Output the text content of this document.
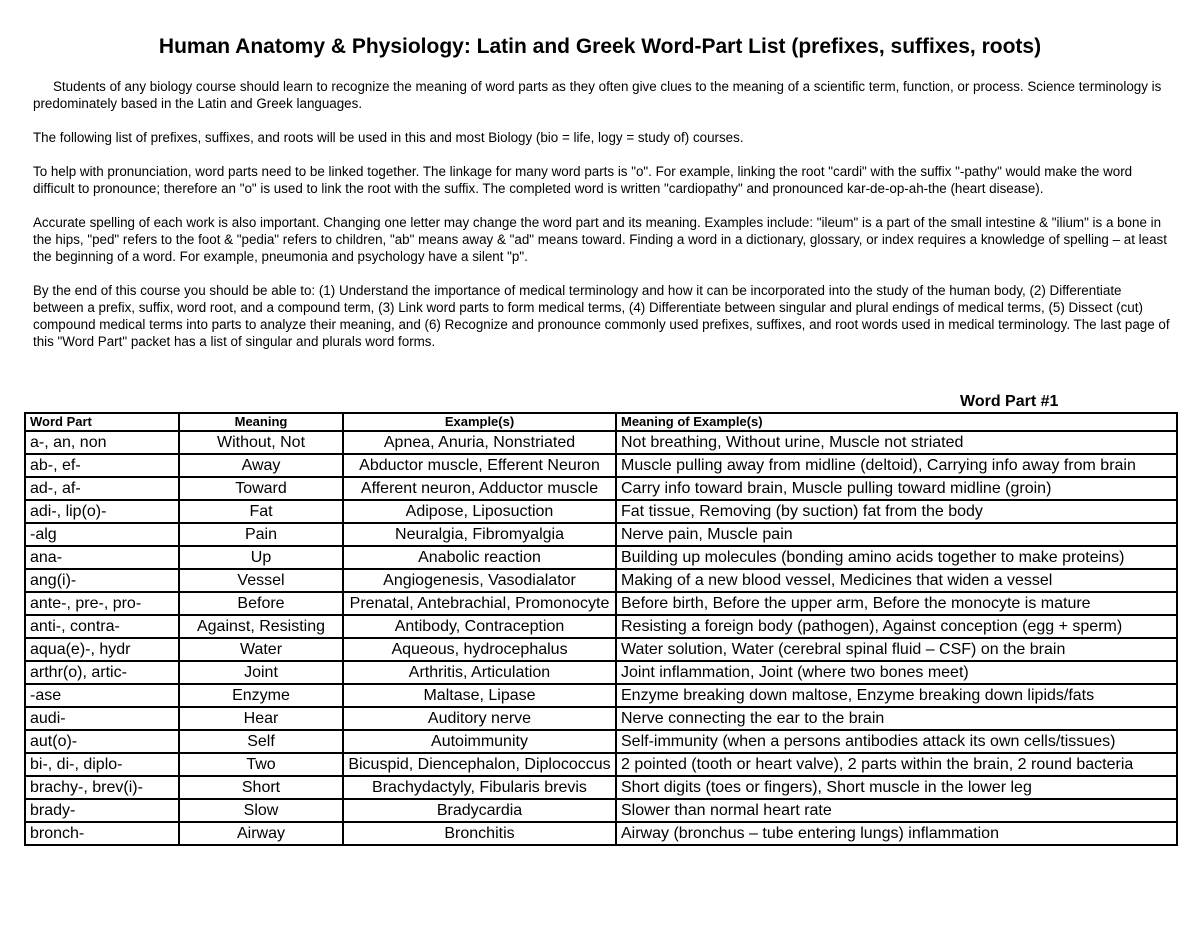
Human Anatomy & Physiology: Latin and Greek Word-Part List (prefixes, suffixes, roots)

Students of any biology course should learn to recognize the meaning of word parts as they often give clues to the meaning of a scientific term, function, or process. Science terminology is predominately based in the Latin and Greek languages.

The following list of prefixes, suffixes, and roots will be used in this and most Biology (bio = life, logy = study of) courses.

To help with pronunciation, word parts need to be linked together. The linkage for many word parts is "o". For example, linking the root "cardi" with the suffix "-pathy" would make the word difficult to pronounce; therefore an "o" is used to link the root with the suffix. The completed word is written "cardiopathy" and pronounced kar-de-op-ah-the (heart disease).

Accurate spelling of each work is also important. Changing one letter may change the word part and its meaning. Examples include: "ileum" is a part of the small intestine & "ilium" is a bone in the hips, "ped" refers to the foot & "pedia" refers to children, "ab" means away & "ad" means toward. Finding a word in a dictionary, glossary, or index requires a knowledge of spelling – at least the beginning of a word. For example, pneumonia and psychology have a silent "p".

By the end of this course you should be able to: (1) Understand the importance of medical terminology and how it can be incorporated into the study of the human body, (2) Differentiate between a prefix, suffix, word root, and a compound term, (3) Link word parts to form medical terms, (4) Differentiate between singular and plural endings of medical terms, (5) Dissect (cut) compound medical terms into parts to analyze their meaning, and (6) Recognize and pronounce commonly used prefixes, suffixes, and root words used in medical terminology. The last page of this "Word Part" packet has a list of singular and plurals word forms.

Word Part #1
Word Part	Meaning	Example(s)	Meaning of Example(s)
a-, an, non	Without, Not	Apnea, Anuria, Nonstriated	Not breathing, Without urine, Muscle not striated
ab-, ef-	Away	Abductor muscle, Efferent Neuron	Muscle pulling away from midline (deltoid), Carrying info away from brain
ad-, af-	Toward	Afferent neuron, Adductor muscle	Carry info toward brain, Muscle pulling toward midline (groin)
adi-, lip(o)-	Fat	Adipose, Liposuction	Fat tissue, Removing (by suction) fat from the body
-alg	Pain	Neuralgia, Fibromyalgia	Nerve pain, Muscle pain
ana-	Up	Anabolic reaction	Building up molecules (bonding amino acids together to make proteins)
ang(i)-	Vessel	Angiogenesis, Vasodialator	Making of a new blood vessel, Medicines that widen a vessel
ante-, pre-, pro-	Before	Prenatal, Antebrachial, Promonocyte	Before birth, Before the upper arm, Before the monocyte is mature
anti-, contra-	Against, Resisting	Antibody, Contraception	Resisting a foreign body (pathogen), Against conception (egg + sperm)
aqua(e)-, hydr	Water	Aqueous, hydrocephalus	Water solution, Water (cerebral spinal fluid – CSF) on the brain
arthr(o), artic-	Joint	Arthritis, Articulation	Joint inflammation, Joint (where two bones meet)
-ase	Enzyme	Maltase, Lipase	Enzyme breaking down maltose, Enzyme breaking down lipids/fats
audi-	Hear	Auditory nerve	Nerve connecting the ear to the brain
aut(o)-	Self	Autoimmunity	Self-immunity (when a persons antibodies attack its own cells/tissues)
bi-, di-, diplo-	Two	Bicuspid, Diencephalon, Diplococcus	2 pointed (tooth or heart valve), 2 parts within the brain, 2 round bacteria
brachy-, brev(i)-	Short	Brachydactyly, Fibularis brevis	Short digits (toes or fingers), Short muscle in the lower leg
brady-	Slow	Bradycardia	Slower than normal heart rate
bronch-	Airway	Bronchitis	Airway (bronchus – tube entering lungs) inflammation
